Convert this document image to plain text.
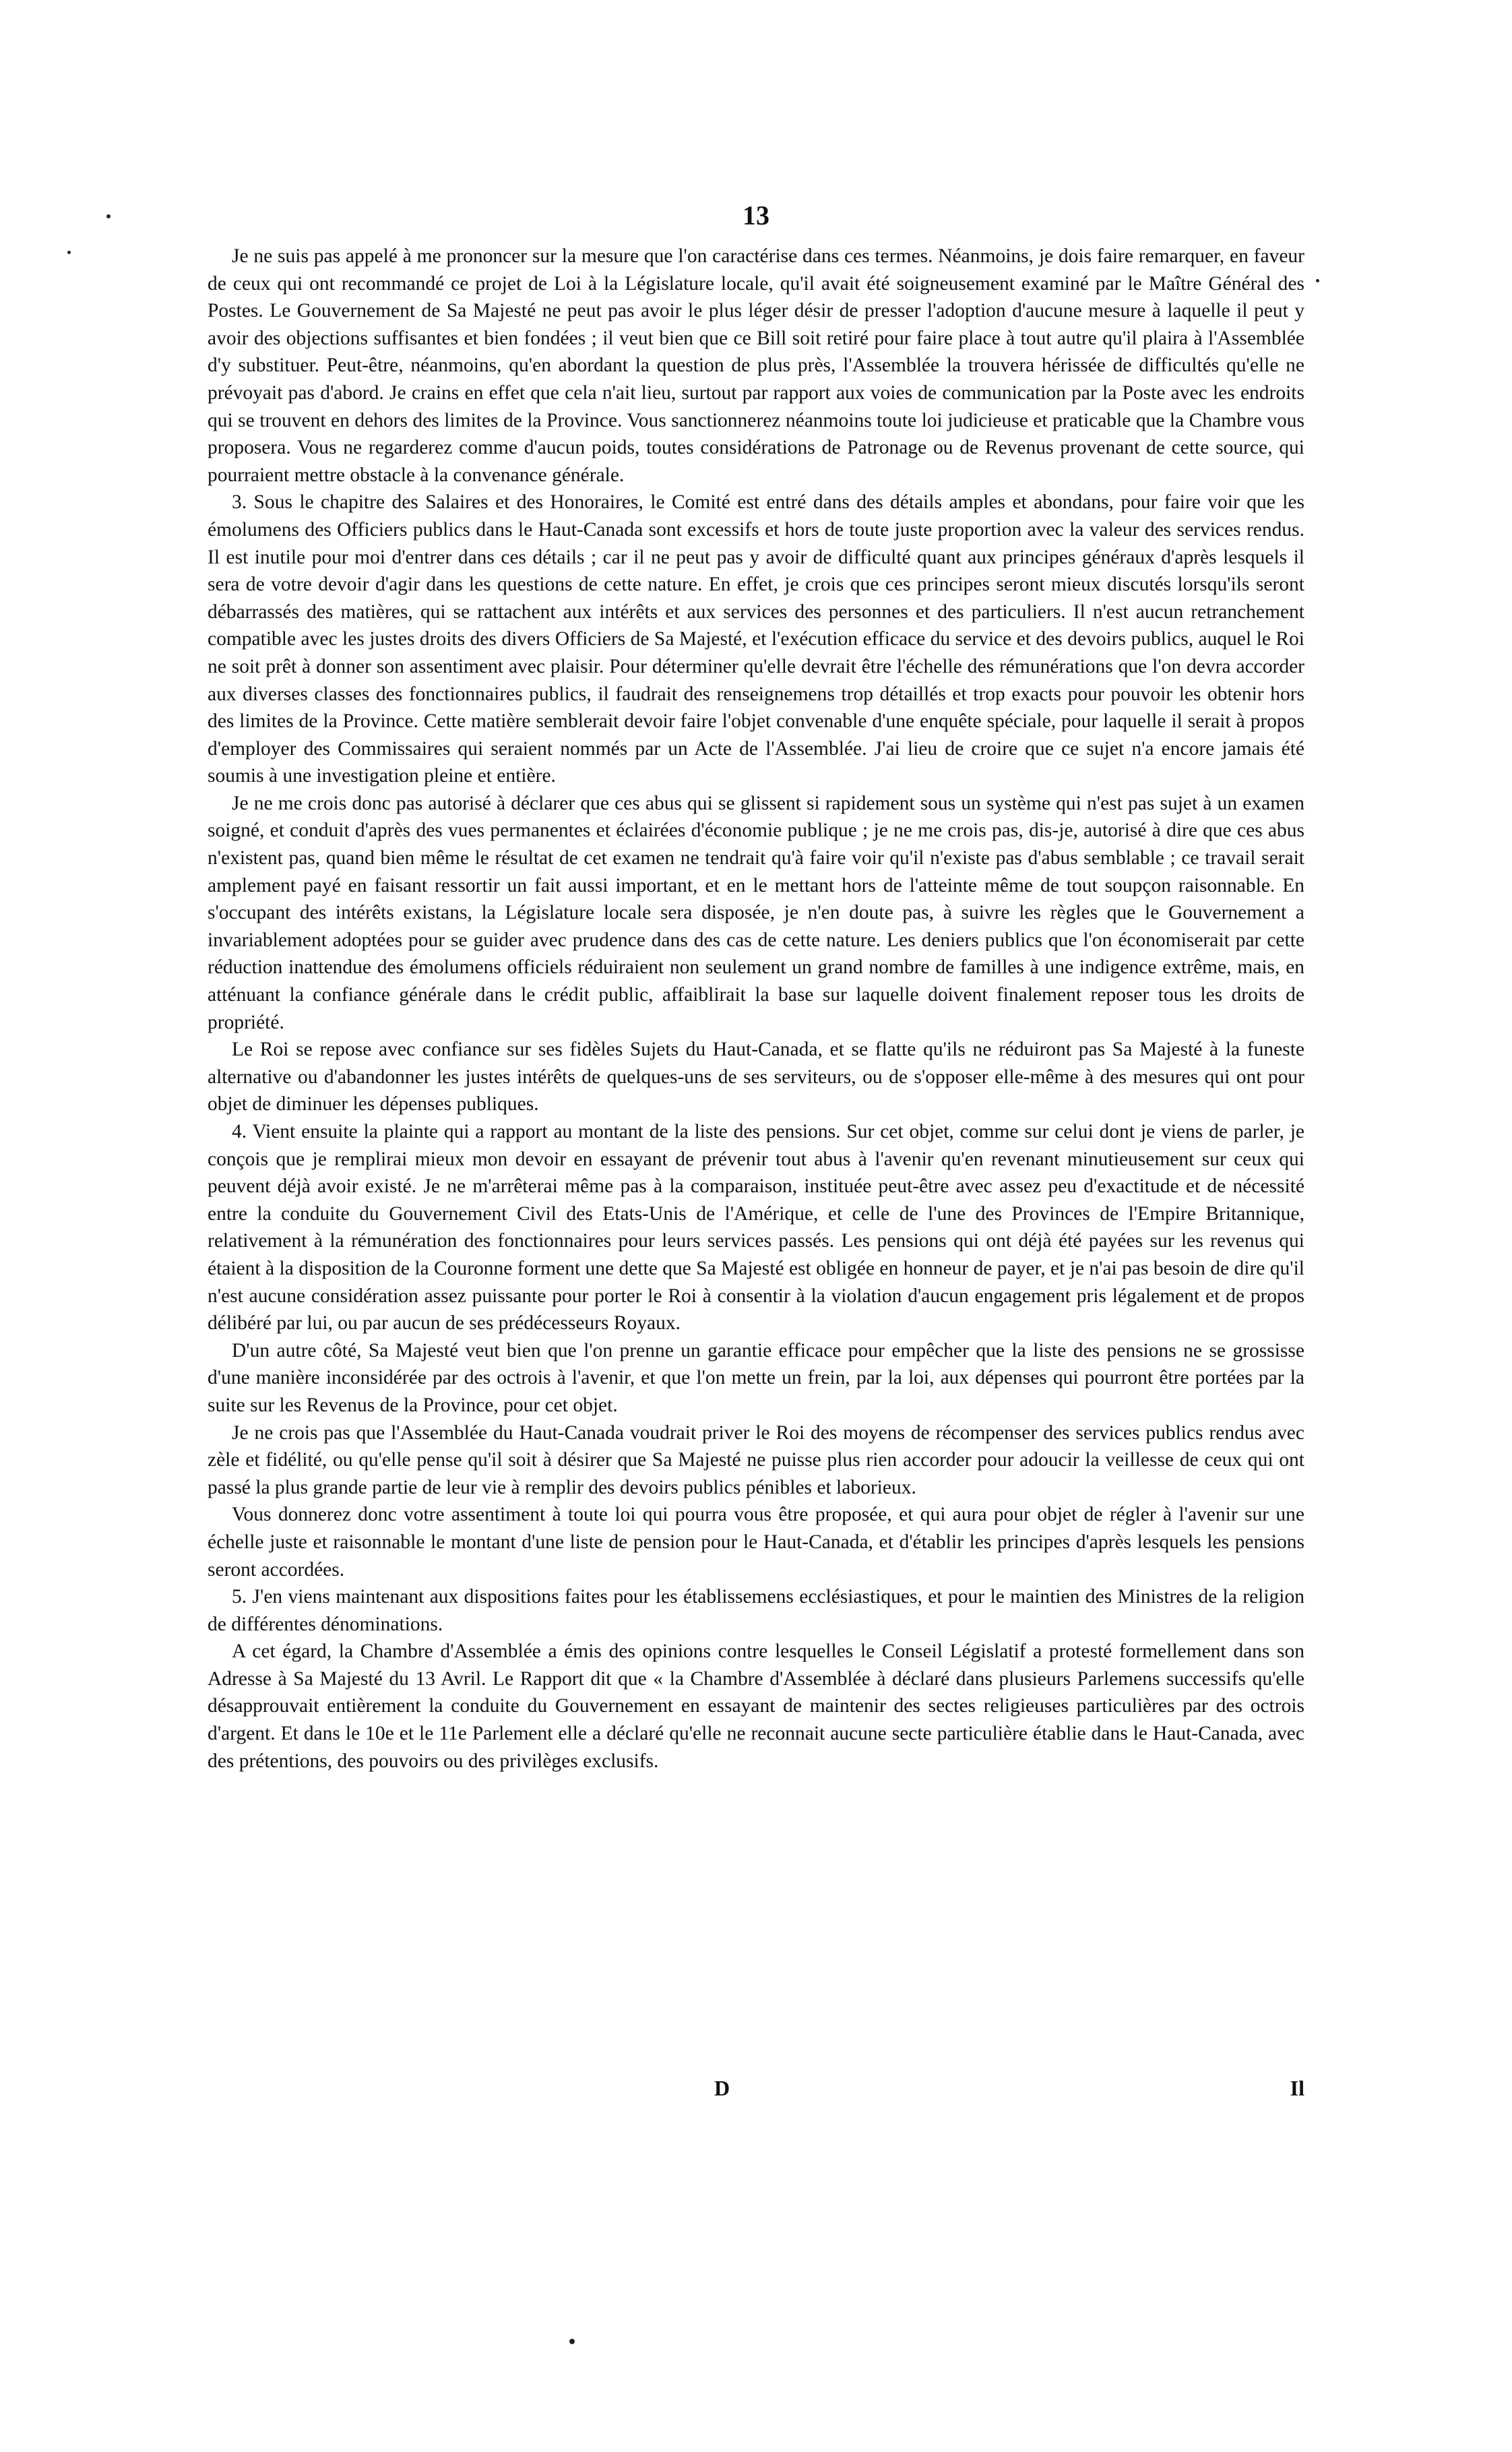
13

Je ne suis pas appelé à me prononcer sur la mesure que l'on caractérise dans ces termes. Néanmoins, je dois faire remarquer, en faveur de ceux qui ont recommandé ce projet de Loi à la Législature locale, qu'il avait été soigneusement examiné par le Maître Général des Postes. Le Gouvernement de Sa Majesté ne peut pas avoir le plus léger désir de presser l'adoption d'aucune mesure à laquelle il peut y avoir des objections suffisantes et bien fondées ; il veut bien que ce Bill soit retiré pour faire place à tout autre qu'il plaira à l'Assemblée d'y substituer. Peut-être, néanmoins, qu'en abordant la question de plus près, l'Assemblée la trouvera hérissée de difficultés qu'elle ne prévoyait pas d'abord. Je crains en effet que cela n'ait lieu, surtout par rapport aux voies de communication par la Poste avec les endroits qui se trouvent en dehors des limites de la Province. Vous sanctionnerez néanmoins toute loi judicieuse et praticable que la Chambre vous proposera. Vous ne regarderez comme d'aucun poids, toutes considérations de Patronage ou de Revenus provenant de cette source, qui pourraient mettre obstacle à la convenance générale.

3. Sous le chapitre des Salaires et des Honoraires, le Comité est entré dans des détails amples et abondans, pour faire voir que les émolumens des Officiers publics dans le Haut-Canada sont excessifs et hors de toute juste proportion avec la valeur des services rendus. Il est inutile pour moi d'entrer dans ces détails ; car il ne peut pas y avoir de difficulté quant aux principes généraux d'après lesquels il sera de votre devoir d'agir dans les questions de cette nature. En effet, je crois que ces principes seront mieux discutés lorsqu'ils seront débarrassés des matières, qui se rattachent aux intérêts et aux services des personnes et des particuliers. Il n'est aucun retranchement compatible avec les justes droits des divers Officiers de Sa Majesté, et l'exécution efficace du service et des devoirs publics, auquel le Roi ne soit prêt à donner son assentiment avec plaisir. Pour déterminer qu'elle devrait être l'échelle des rémunérations que l'on devra accorder aux diverses classes des fonctionnaires publics, il faudrait des renseignemens trop détaillés et trop exacts pour pouvoir les obtenir hors des limites de la Province. Cette matière semblerait devoir faire l'objet convenable d'une enquête spéciale, pour laquelle il serait à propos d'employer des Commissaires qui seraient nommés par un Acte de l'Assemblée. J'ai lieu de croire que ce sujet n'a encore jamais été soumis à une investigation pleine et entière.

Je ne me crois donc pas autorisé à déclarer que ces abus qui se glissent si rapidement sous un système qui n'est pas sujet à un examen soigné, et conduit d'après des vues permanentes et éclairées d'économie publique ; je ne me crois pas, dis-je, autorisé à dire que ces abus n'existent pas, quand bien même le résultat de cet examen ne tendrait qu'à faire voir qu'il n'existe pas d'abus semblable ; ce travail serait amplement payé en faisant ressortir un fait aussi important, et en le mettant hors de l'atteinte même de tout soupçon raisonnable. En s'occupant des intérêts existans, la Législature locale sera disposée, je n'en doute pas, à suivre les règles que le Gouvernement a invariablement adoptées pour se guider avec prudence dans des cas de cette nature. Les deniers publics que l'on économiserait par cette réduction inattendue des émolumens officiels réduiraient non seulement un grand nombre de familles à une indigence extrême, mais, en atténuant la confiance générale dans le crédit public, affaiblirait la base sur laquelle doivent finalement reposer tous les droits de propriété.

Le Roi se repose avec confiance sur ses fidèles Sujets du Haut-Canada, et se flatte qu'ils ne réduiront pas Sa Majesté à la funeste alternative ou d'abandonner les justes intérêts de quelques-uns de ses serviteurs, ou de s'opposer elle-même à des mesures qui ont pour objet de diminuer les dépenses publiques.

4. Vient ensuite la plainte qui a rapport au montant de la liste des pensions. Sur cet objet, comme sur celui dont je viens de parler, je conçois que je remplirai mieux mon devoir en essayant de prévenir tout abus à l'avenir qu'en revenant minutieusement sur ceux qui peuvent déjà avoir existé. Je ne m'arrêterai même pas à la comparaison, instituée peut-être avec assez peu d'exactitude et de nécessité entre la conduite du Gouvernement Civil des Etats-Unis de l'Amérique, et celle de l'une des Provinces de l'Empire Britannique, relativement à la rémunération des fonctionnaires pour leurs services passés. Les pensions qui ont déjà été payées sur les revenus qui étaient à la disposition de la Couronne forment une dette que Sa Majesté est obligée en honneur de payer, et je n'ai pas besoin de dire qu'il n'est aucune considération assez puissante pour porter le Roi à consentir à la violation d'aucun engagement pris légalement et de propos délibéré par lui, ou par aucun de ses prédécesseurs Royaux.

D'un autre côté, Sa Majesté veut bien que l'on prenne un garantie efficace pour empêcher que la liste des pensions ne se grossisse d'une manière inconsidérée par des octrois à l'avenir, et que l'on mette un frein, par la loi, aux dépenses qui pourront être portées par la suite sur les Revenus de la Province, pour cet objet.

Je ne crois pas que l'Assemblée du Haut-Canada voudrait priver le Roi des moyens de récompenser des services publics rendus avec zèle et fidélité, ou qu'elle pense qu'il soit à désirer que Sa Majesté ne puisse plus rien accorder pour adoucir la veillesse de ceux qui ont passé la plus grande partie de leur vie à remplir des devoirs publics pénibles et laborieux.

Vous donnerez donc votre assentiment à toute loi qui pourra vous être proposée, et qui aura pour objet de régler à l'avenir sur une échelle juste et raisonnable le montant d'une liste de pension pour le Haut-Canada, et d'établir les principes d'après lesquels les pensions seront accordées.

5. J'en viens maintenant aux dispositions faites pour les établissemens ecclésiastiques, et pour le maintien des Ministres de la religion de différentes dénominations.

A cet égard, la Chambre d'Assemblée a émis des opinions contre lesquelles le Conseil Législatif a protesté formellement dans son Adresse à Sa Majesté du 13 Avril. Le Rapport dit que « la Chambre d'Assemblée à déclaré dans plusieurs Parlemens successifs qu'elle désapprouvait entièrement la conduite du Gouvernement en essayant de maintenir des sectes religieuses particulières par des octrois d'argent. Et dans le 10e et le 11e Parlement elle a déclaré qu'elle ne reconnait aucune secte particulière établie dans le Haut-Canada, avec des prétentions, des pouvoirs ou des privilèges exclusifs.

D	Il
